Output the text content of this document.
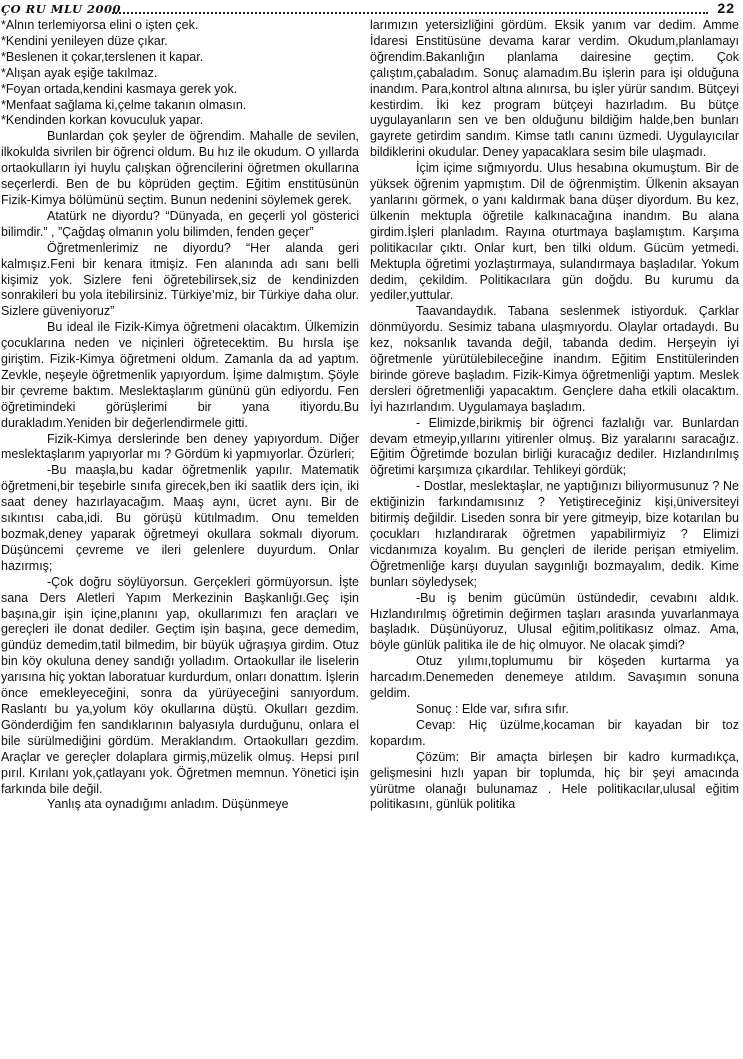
ÇO RU MLU 2000	22

*Alnın terlemiyorsa elini o işten çek.

*Kendini yenileyen düze çıkar.

*Beslenen it çokar,terslenen it kapar.

*Alışan ayak eşiğe takılmaz.

*Foyan ortada,kendini kasmaya gerek yok.

*Menfaat sağlama ki,çelme takanın olmasın.

*Kendinden korkan kovuculuk yapar.

Bunlardan çok şeyler de öğrendim. Mahalle de sevilen, ilkokulda sivrilen bir öğrenci oldum. Bu hız ile okudum. O yıllarda ortaokulların iyi huylu çalışkan öğrencilerini öğretmen okullarına seçerlerdi. Ben de bu köprüden geçtim. Eğitim enstitüsünün Fizik-Kimya bölümünü seçtim. Bunun nedenini söylemek gerek.

Atatürk ne diyordu? “Dünyada, en geçerli yol gösterici bilimdir.” , ”Çağdaş olmanın yolu bilimden, fenden geçer”

Öğretmenlerimiz ne diyordu? “Her alanda geri kalmışız.Feni bir kenara itmişiz. Fen alanında adı sanı belli kişimiz yok. Sizlere feni öğretebilirsek,siz de kendinizden sonrakileri bu yola itebilirsiniz. Türkiye’miz, bir Türkiye daha olur. Sizlere güveniyoruz”

Bu ideal ile Fizik-Kimya öğretmeni olacaktım. Ülkemizin çocuklarına neden ve niçinleri öğretecektim. Bu hırsla işe giriştim. Fizik-Kimya öğretmeni oldum. Zamanla da ad yaptım. Zevkle, neşeyle öğretmenlik yapıyordum. İşime dalmıştım. Şöyle bir çevreme baktım. Meslektaşlarım gününü gün ediyordu. Fen öğretimindeki görüşlerimi bir yana itiyordu.Bu durakladım.Yeniden bir değerlendirmele gitti.

Fizik-Kimya derslerinde ben deney yapıyordum. Diğer meslektaşlarım yapıyorlar mı ? Gördüm ki yapmıyorlar. Özürleri;

-Bu maaşla,bu kadar öğretmenlik yapılır. Matematik öğretmeni,bir teşebirle sınıfa girecek,ben iki saatlik ders için, iki saat deney hazırlayacağım. Maaş aynı, ücret aynı. Bir de sıkıntısı caba,idi. Bu görüşü kütılmadım. Onu temelden bozmak,deney yaparak öğretmeyi okullara sokmalı diyorum. Düşüncemi çevreme ve ileri gelenlere duyurdum. Onlar hazırmış;

-Çok doğru söylüyorsun. Gerçekleri görmüyorsun. İşte sana Ders Aletleri Yapım Merkezinin Başkanlığı.Geç işin başına,gir işin içine,planını yap, okullarımızı fen araçları ve gereçleri ile donat dediler. Geçtim işin başına, gece demedim, gündüz demedim,tatil bilmedim, bir büyük uğraşıya girdim. Otuz bin köy okuluna deney sandığı yolladım. Ortaokullar ile liselerin yarısına hiç yoktan laboratuar kurdurdum, onları donattım. İşlerin önce emekleyeceğini, sonra da yürüyeceğini sanıyordum. Raslantı bu ya,yolum köy okullarına düştü. Okulları gezdim. Gönderdiğim fen sandıklarının balyasıyla durduğunu, onlara el bile sürülmediğini gördüm. Meraklandım. Ortaokulları gezdim. Araçlar ve gereçler dolaplara girmiş,müzelik olmuş. Hepsi pırıl pırıl. Kırılanı yok,çatlayanı yok. Öğretmen memnun. Yönetici işin farkında bile değil.

Yanlış ata oynadığımı anladım. Düşünmeye

larımızın yetersizliğini gördüm. Eksik yanım var dedim. Amme İdaresi Enstitüsüne devama karar verdim. Okudum,planlamayı öğrendim.Bakanlığın planlama dairesine geçtim. Çok çalıştım,çabaladım. Sonuç alamadım.Bu işlerin para işi olduğuna inandım. Para,kontrol altına alınırsa, bu işler yürür sandım. Bütçeyi kestirdim. İki kez program bütçeyi hazırladım. Bu bütçe uygulayanların sen ve ben olduğunu bildiğim halde,ben bunları gayrete getirdim sandım. Kimse tatlı canını üzmedi. Uygulayıcılar bildiklerini okudular. Deney yapacaklara sesim bile ulaşmadı.

İçim içime sığmıyordu. Ulus hesabına okumuştum. Bir de yüksek öğrenim yapmıştım. Dil de öğrenmiştim. Ülkenin aksayan yanlarını görmek, o yanı kaldırmak bana düşer diyordum. Bu kez, ülkenin mektupla öğretile kalkınacağına inandım. Bu alana girdim.İşleri planladım. Rayına oturtmaya başlamıştım. Karşıma politikacılar çıktı. Onlar kurt, ben tilki oldum. Gücüm yetmedi. Mektupla öğretimi yozlaştırmaya, sulandırmaya başladılar. Yokum dedim, çekildim. Politikacılara gün doğdu. Bu kurumu da yediler,yuttular.

Taavandaydık. Tabana seslenmek istiyorduk. Çarklar dönmüyordu. Sesimiz tabana ulaşmıyordu. Olaylar ortadaydı. Bu kez, noksanlık tavanda değil, tabanda dedim. Herşeyin iyi öğretmenle yürütülebileceğine inandım. Eğitim Enstitülerinden birinde göreve başladım. Fizik-Kimya öğretmenliği yaptım. Meslek dersleri öğretmenliği yapacaktım. Gençlere daha etkili olacaktım. İyi hazırlandım. Uygulamaya başladım.

- Elimizde,birikmiş bir öğrenci fazlalığı var. Bunlardan devam etmeyip,yıllarını yitirenler olmuş. Biz yaralarını saracağız. Eğitim Öğretimde bozulan birliği kuracağız dediler. Hızlandırılmış öğretimi karşımıza çıkardılar. Tehlikeyi gördük;

- Dostlar, meslektaşlar, ne yaptığınızı biliyormusunuz ? Ne ektiğinizin farkındamısınız ? Yetiştireceğiniz kişi,üniversiteyi bitirmiş değildir. Liseden sonra bir yere gitmeyip, bize kotarılan bu çocukları hızlandırarak öğretmen yapabilirmiyiz ? Elimizi vicdanımıza koyalım. Bu gençleri de ileride perişan etmiyelim. Öğretmenliğe karşı duyulan saygınlığı bozmayalım, dedik. Kime bunları söyledysek;

-Bu iş benim gücümün üstündedir, cevabını aldık. Hızlandırılmış öğretimin değirmen taşları arasında yuvarlanmaya başladık. Düşünüyoruz, Ulusal eğitim,politikasız olmaz. Ama, böyle günlük palitika ile de hiç olmuyor. Ne olacak şimdi?

Otuz yılımı,toplumumu bir köşeden kurtarma ya harcadım.Denemeden denemeye atıldım. Savaşımın sonuna geldim.

Sonuç : Elde var, sıfıra sıfır.

Cevap: Hiç üzülme,kocaman bir kayadan bir toz kopardım.

Çözüm: Bir amaçta birleşen bir kadro kurmadıkça, gelişmesini hızlı yapan bir toplumda, hiç bir şeyi amacında yürütme olanağı bulunamaz . Hele politikacılar,ulusal eğitim politikasını, günlük politika
